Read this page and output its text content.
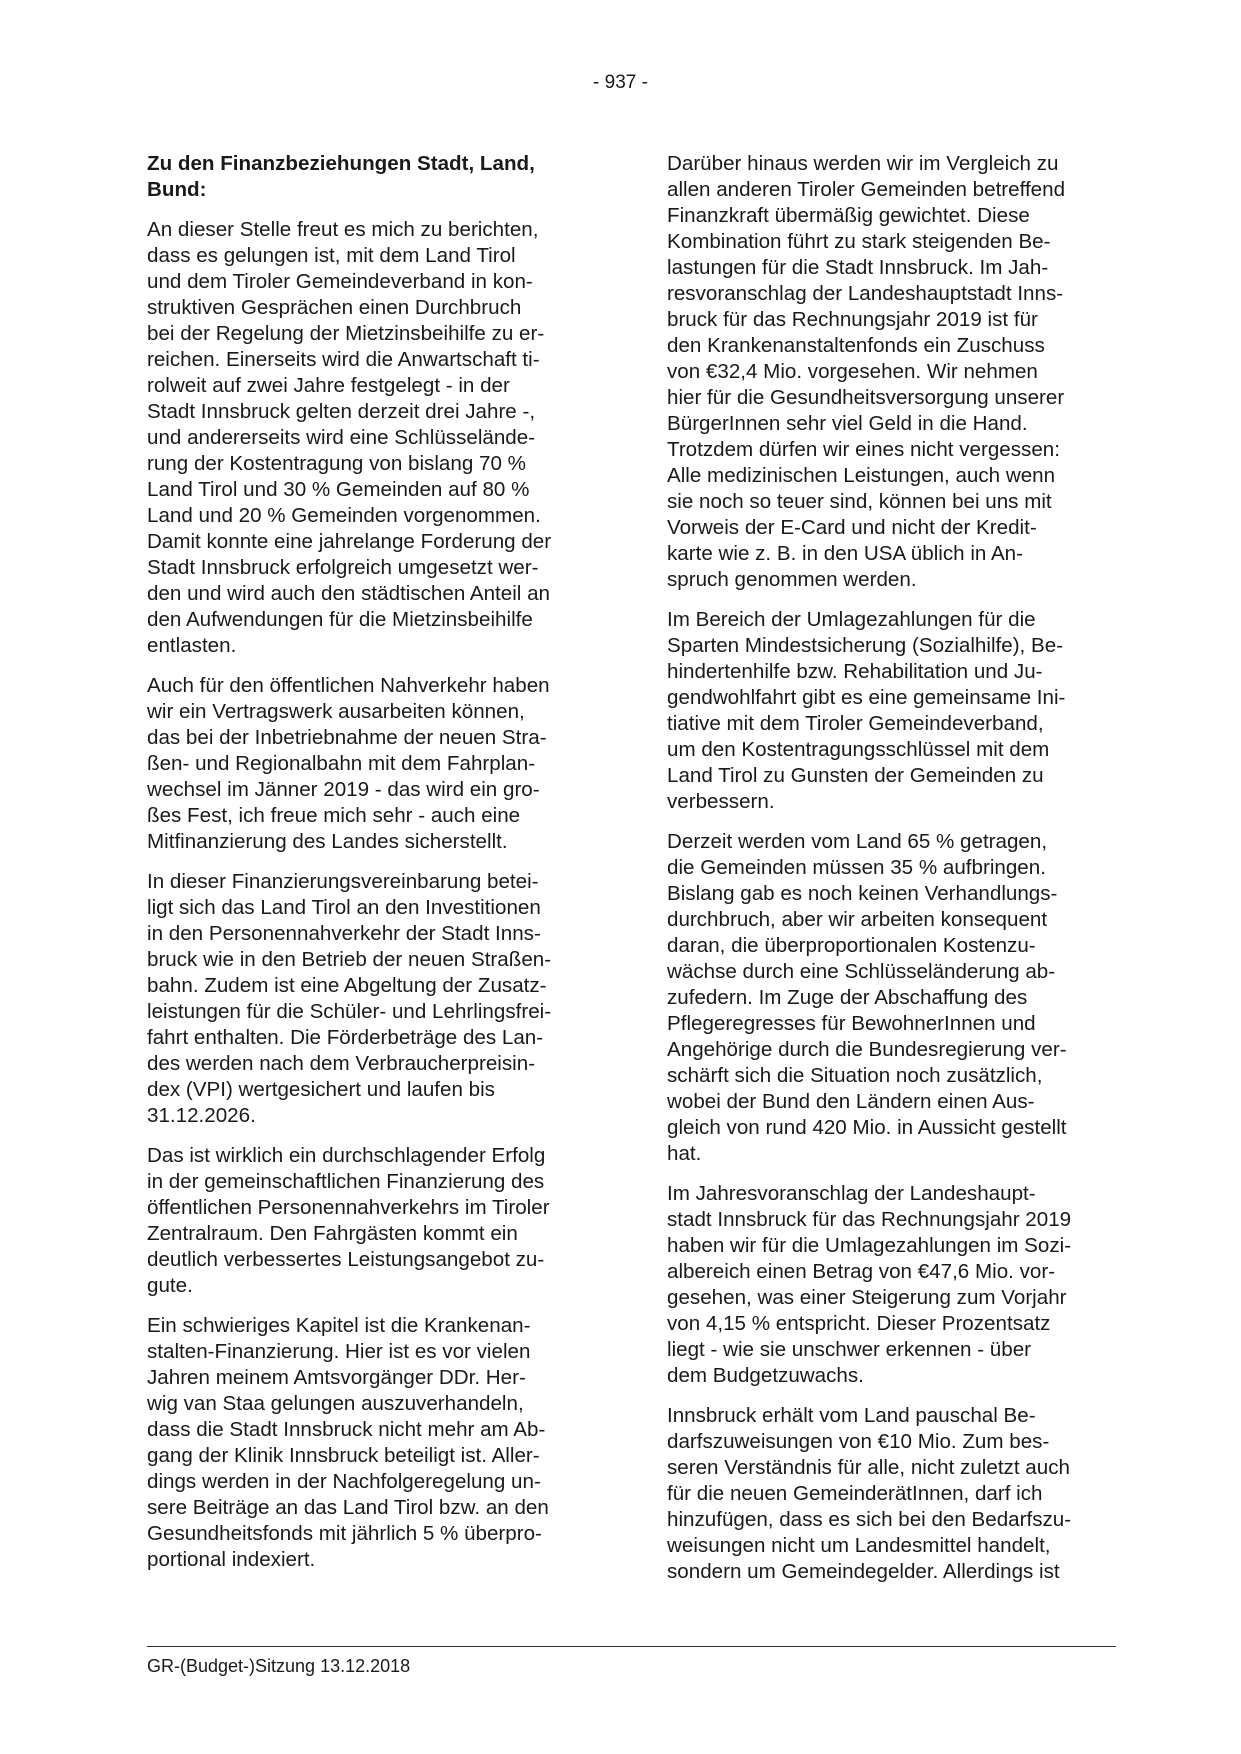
- 937 -
Zu den Finanzbeziehungen Stadt, Land,
Bund:

An dieser Stelle freut es mich zu berichten,
dass es gelungen ist, mit dem Land Tirol
und dem Tiroler Gemeindeverband in kon-
struktiven Gesprächen einen Durchbruch
bei der Regelung der Mietzinsbeihilfe zu er-
reichen. Einerseits wird die Anwartschaft ti-
rolweit auf zwei Jahre festgelegt - in der
Stadt Innsbruck gelten derzeit drei Jahre -,
und andererseits wird eine Schlüsselände-
rung der Kostentragung von bislang 70 %
Land Tirol und 30 % Gemeinden auf 80 %
Land und 20 % Gemeinden vorgenommen.
Damit konnte eine jahrelange Forderung der
Stadt Innsbruck erfolgreich umgesetzt wer-
den und wird auch den städtischen Anteil an
den Aufwendungen für die Mietzinsbeihilfe
entlasten.

Auch für den öffentlichen Nahverkehr haben
wir ein Vertragswerk ausarbeiten können,
das bei der Inbetriebnahme der neuen Stra-
ßen- und Regionalbahn mit dem Fahrplan-
wechsel im Jänner 2019 - das wird ein gro-
ßes Fest, ich freue mich sehr - auch eine
Mitfinanzierung des Landes sicherstellt.

In dieser Finanzierungsvereinbarung betei-
ligt sich das Land Tirol an den Investitionen
in den Personennahverkehr der Stadt Inns-
bruck wie in den Betrieb der neuen Straßen-
bahn. Zudem ist eine Abgeltung der Zusatz-
leistungen für die Schüler- und Lehrlingsfrei-
fahrt enthalten. Die Förderbeträge des Lan-
des werden nach dem Verbraucherpreisin-
dex (VPI) wertgesichert und laufen bis
31.12.2026.

Das ist wirklich ein durchschlagender Erfolg
in der gemeinschaftlichen Finanzierung des
öffentlichen Personennahverkehrs im Tiroler
Zentralraum. Den Fahrgästen kommt ein
deutlich verbessertes Leistungsangebot zu-
gute.

Ein schwieriges Kapitel ist die Krankenan-
stalten-Finanzierung. Hier ist es vor vielen
Jahren meinem Amtsvorgänger DDr. Her-
wig van Staa gelungen auszuverhandeln,
dass die Stadt Innsbruck nicht mehr am Ab-
gang der Klinik Innsbruck beteiligt ist. Aller-
dings werden in der Nachfolgeregelung un-
sere Beiträge an das Land Tirol bzw. an den
Gesundheitsfonds mit jährlich 5 % überpro-
portional indexiert.

Darüber hinaus werden wir im Vergleich zu
allen anderen Tiroler Gemeinden betreffend
Finanzkraft übermäßig gewichtet. Diese
Kombination führt zu stark steigenden Be-
lastungen für die Stadt Innsbruck. Im Jah-
resvoranschlag der Landeshauptstadt Inns-
bruck für das Rechnungsjahr 2019 ist für
den Krankenanstaltenfonds ein Zuschuss
von €32,4 Mio. vorgesehen. Wir nehmen
hier für die Gesundheitsversorgung unserer
BürgerInnen sehr viel Geld in die Hand.
Trotzdem dürfen wir eines nicht vergessen:
Alle medizinischen Leistungen, auch wenn
sie noch so teuer sind, können bei uns mit
Vorweis der E-Card und nicht der Kredit-
karte wie z. B. in den USA üblich in An-
spruch genommen werden.

Im Bereich der Umlagezahlungen für die
Sparten Mindestsicherung (Sozialhilfe), Be-
hindertenhilfe bzw. Rehabilitation und Ju-
gendwohlfahrt gibt es eine gemeinsame Ini-
tiative mit dem Tiroler Gemeindeverband,
um den Kostentragungsschlüssel mit dem
Land Tirol zu Gunsten der Gemeinden zu
verbessern.

Derzeit werden vom Land 65 % getragen,
die Gemeinden müssen 35 % aufbringen.
Bislang gab es noch keinen Verhandlungs-
durchbruch, aber wir arbeiten konsequent
daran, die überproportionalen Kostenzu-
wächse durch eine Schlüsseländerung ab-
zufedern. Im Zuge der Abschaffung des
Pflegeregresses für BewohnerInnen und
Angehörige durch die Bundesregierung ver-
schärft sich die Situation noch zusätzlich,
wobei der Bund den Ländern einen Aus-
gleich von rund 420 Mio. in Aussicht gestellt
hat.

Im Jahresvoranschlag der Landeshaupt-
stadt Innsbruck für das Rechnungsjahr 2019
haben wir für die Umlagezahlungen im Sozi-
albereich einen Betrag von €47,6 Mio. vor-
gesehen, was einer Steigerung zum Vorjahr
von 4,15 % entspricht. Dieser Prozentsatz
liegt - wie sie unschwer erkennen - über
dem Budgetzuwachs.

Innsbruck erhält vom Land pauschal Be-
darfszuweisungen von €10 Mio. Zum bes-
seren Verständnis für alle, nicht zuletzt auch
für die neuen GemeinderätInnen, darf ich
hinzufügen, dass es sich bei den Bedarfszu-
weisungen nicht um Landesmittel handelt,
sondern um Gemeindegelder. Allerdings ist

GR-(Budget-)Sitzung 13.12.2018
